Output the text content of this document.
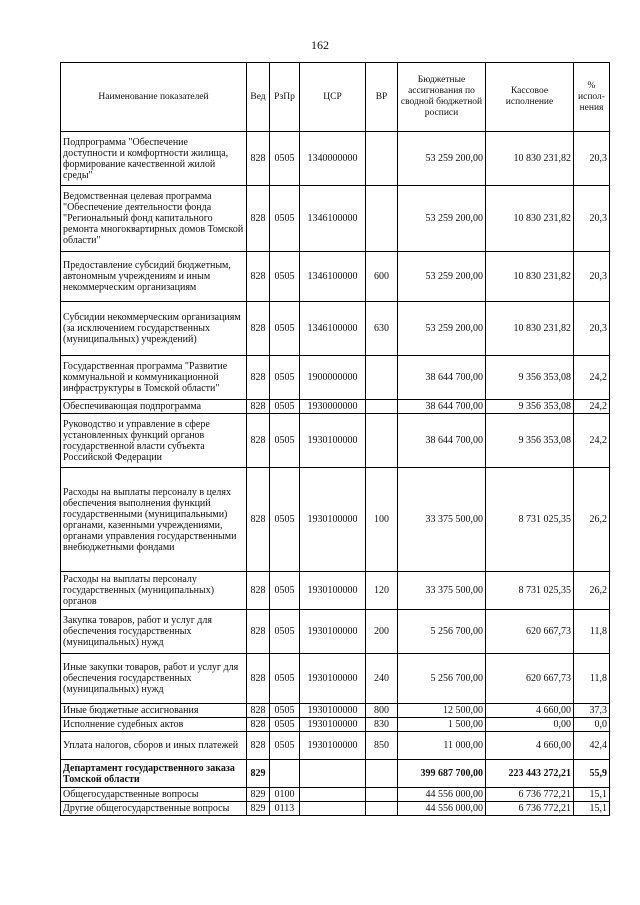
162
Наименование показателей	Вед	РзПр	ЦСР	ВР	Бюджетные ассигнования по сводной бюджетной росписи	Кассовое исполнение	% испол-нения
Подпрограмма "Обеспечение доступности и комфортности жилища, формирование качественной жилой среды"	828	0505	1340000000		53 259 200,00	10 830 231,82	20,3
Ведомственная целевая программа "Обеспечение деятельности фонда "Региональный фонд капитального ремонта многоквартирных домов Томской области"	828	0505	1346100000		53 259 200,00	10 830 231,82	20,3
Предоставление субсидий бюджетным, автономным учреждениям и иным некоммерческим организациям	828	0505	1346100000	600	53 259 200,00	10 830 231,82	20,3
Субсидии некоммерческим организациям (за исключением государственных (муниципальных) учреждений)	828	0505	1346100000	630	53 259 200,00	10 830 231,82	20,3
Государственная программа "Развитие коммунальной и коммуникационной инфраструктуры в Томской области"	828	0505	1900000000		38 644 700,00	9 356 353,08	24,2
Обеспечивающая подпрограмма	828	0505	1930000000		38 644 700,00	9 356 353,08	24,2
Руководство и управление в сфере установленных функций органов государственной власти субъекта Российской Федерации	828	0505	1930100000		38 644 700,00	9 356 353,08	24,2
Расходы на выплаты персоналу в целях обеспечения выполнения функций государственными (муниципальными) органами, казенными учреждениями, органами управления государственными внебюджетными фондами	828	0505	1930100000	100	33 375 500,00	8 731 025,35	26,2
Расходы на выплаты персоналу государственных (муниципальных) органов	828	0505	1930100000	120	33 375 500,00	8 731 025,35	26,2
Закупка товаров, работ и услуг для обеспечения государственных (муниципальных) нужд	828	0505	1930100000	200	5 256 700,00	620 667,73	11,8
Иные закупки товаров, работ и услуг для обеспечения государственных (муниципальных) нужд	828	0505	1930100000	240	5 256 700,00	620 667,73	11,8
Иные бюджетные ассигнования	828	0505	1930100000	800	12 500,00	4 660,00	37,3
Исполнение судебных актов	828	0505	1930100000	830	1 500,00	0,00	0,0
Уплата налогов, сборов и иных платежей	828	0505	1930100000	850	11 000,00	4 660,00	42,4
Департамент государственного заказа Томской области	829				399 687 700,00	223 443 272,21	55,9
Общегосударственные вопросы	829	0100			44 556 000,00	6 736 772,21	15,1
Другие общегосударственные вопросы	829	0113			44 556 000,00	6 736 772,21	15,1
